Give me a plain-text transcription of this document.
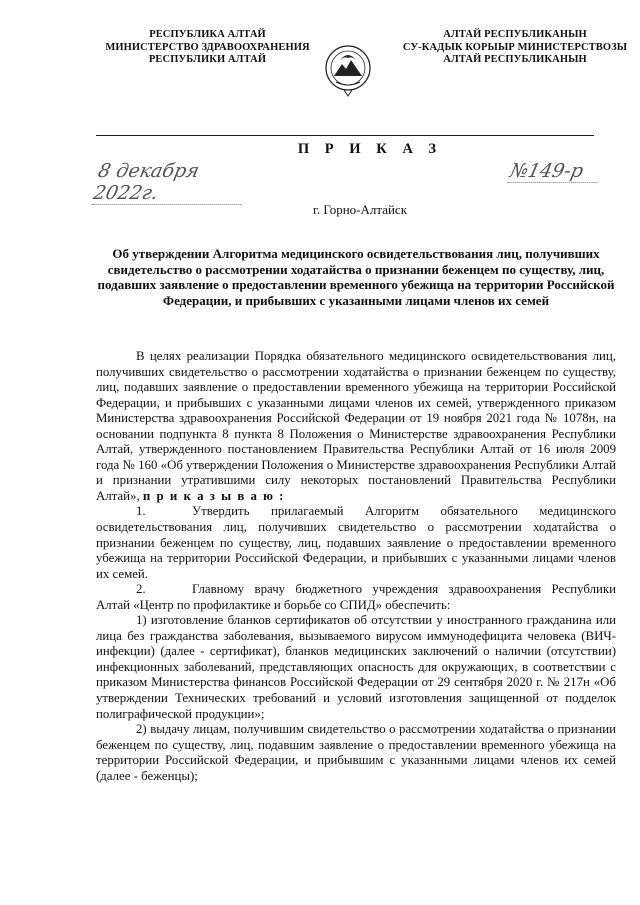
РЕСПУБЛИКА АЛТАЙ
МИНИСТЕРСТВО ЗДРАВООХРАНЕНИЯ
РЕСПУБЛИКИ АЛТАЙ
АЛТАЙ РЕСПУБЛИКАНЫН
СУ-КАДЫК КОРЫЫР МИНИСТЕРСТВОЗЫ
АЛТАЙ РЕСПУБЛИКАНЫН
П Р И К А З
8 декабря 2022г.
№149-р
г. Горно-Алтайск
Об утверждении Алгоритма медицинского освидетельствования лиц, получивших свидетельство о рассмотрении ходатайства о признании беженцем по существу, лиц, подавших заявление о предоставлении временного убежища на территории Российской Федерации, и прибывших с указанными лицами членов их семей

В целях реализации Порядка обязательного медицинского освидетельствования лиц, получивших свидетельство о рассмотрении ходатайства о признании беженцем по существу, лиц, подавших заявление о предоставлении временного убежища на территории Российской Федерации, и прибывших с указанными лицами членов их семей, утвержденного приказом Министерства здравоохранения Российской Федерации от 19 ноября 2021 года № 1078н, на основании подпункта 8 пункта 8 Положения о Министерстве здравоохранения Республики Алтай, утвержденного постановлением Правительства Республики Алтай от 16 июля 2009 года № 160 «Об утверждении Положения о Министерстве здравоохранения Республики Алтай и признании утратившими силу некоторых постановлений Правительства Республики Алтай», п р и к а з ы в а ю :

1.	Утвердить прилагаемый Алгоритм обязательного медицинского освидетельствования лиц, получивших свидетельство о рассмотрении ходатайства о признании беженцем по существу, лиц, подавших заявление о предоставлении временного убежища на территории Российской Федерации, и прибывших с указанными лицами членов их семей.

2.	Главному врачу бюджетного учреждения здравоохранения Республики Алтай «Центр по профилактике и борьбе со СПИД» обеспечить:

1) изготовление бланков сертификатов об отсутствии у иностранного гражданина или лица без гражданства заболевания, вызываемого вирусом иммунодефицита человека (ВИЧ-инфекции) (далее - сертификат), бланков медицинских заключений о наличии (отсутствии) инфекционных заболеваний, представляющих опасность для окружающих, в соответствии с приказом Министерства финансов Российской Федерации от 29 сентября 2020 г. № 217н «Об утверждении Технических требований и условий изготовления защищенной от подделок полиграфической продукции»;

2) выдачу лицам, получившим свидетельство о рассмотрении ходатайства о признании беженцем по существу, лиц, подавшим заявление о предоставлении временного убежища на территории Российской Федерации, и прибывшим с указанными лицами членов их семей (далее - беженцы);
